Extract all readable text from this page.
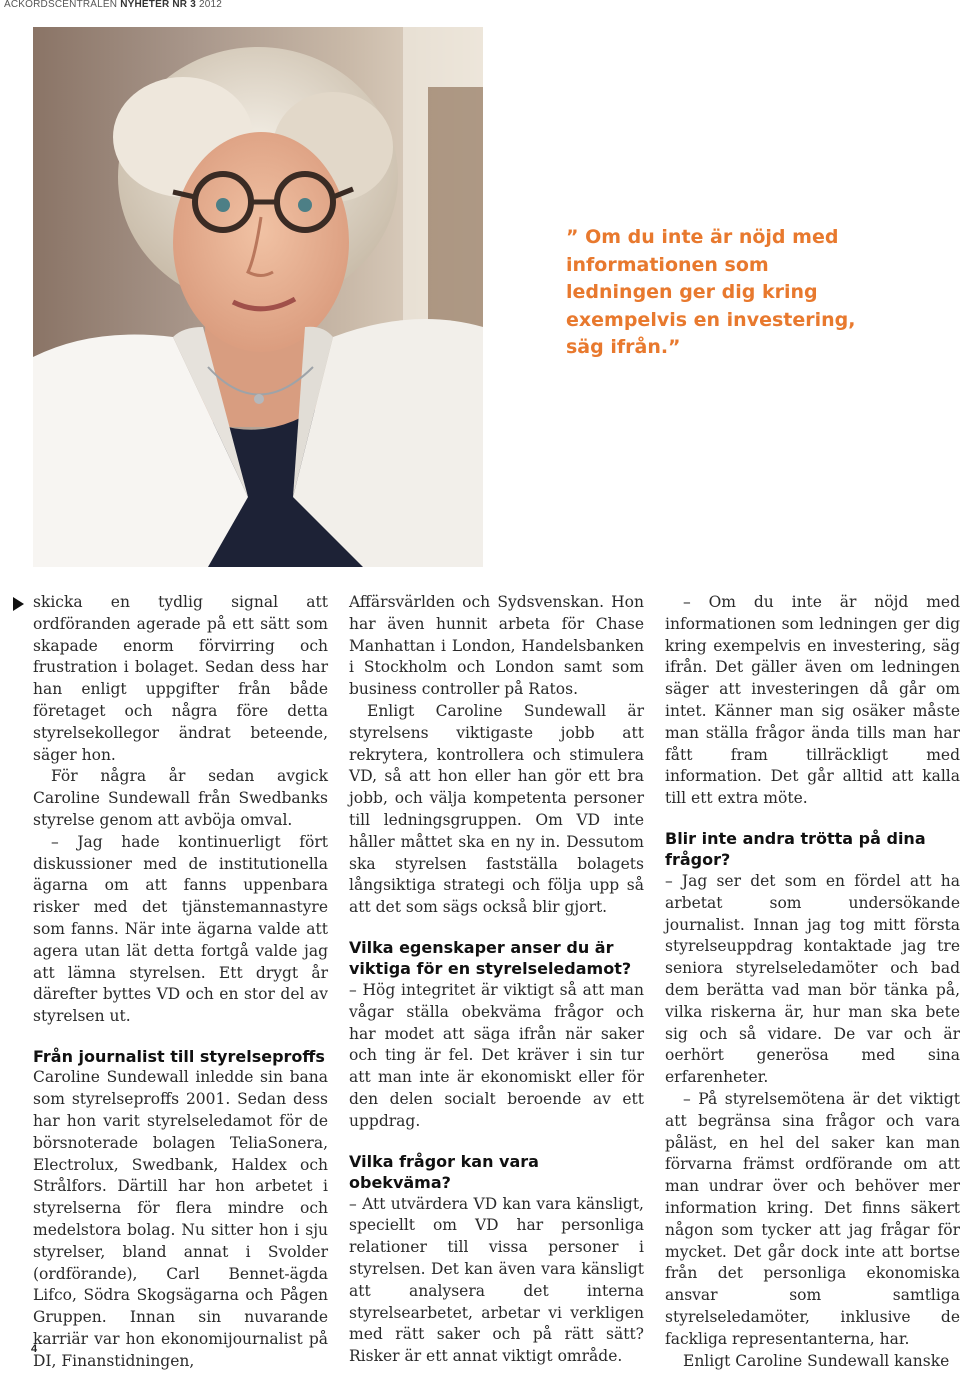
ACKORDSCENTRALEN NYHETER NR 3 2012
” Om du inte är nöjd med informationen som ledningen ger dig kring exempelvis en investering, säg ifrån.”

skicka en tydlig signal att ordföranden agerade på ett sätt som skapade enorm förvirring och frustration i bolaget. Sedan dess har han enligt uppgifter från både företaget och några före detta styrelsekollegor ändrat beteende, säger hon.

För några år sedan avgick Caroline Sundewall från Swedbanks styrelse genom att avböja omval.

– Jag hade kontinuerligt fört diskussioner med de institutionella ägarna om att fanns uppenbara risker med det tjänstemannastyre som fanns. När inte ägarna valde att agera utan lät detta fortgå valde jag att lämna styrelsen. Ett drygt år därefter byttes VD och en stor del av styrelsen ut.

Från journalist till styrelseproffs

Caroline Sundewall inledde sin bana som styrelseproffs 2001. Sedan dess har hon varit styrelseledamot för de börsnoterade bolagen TeliaSonera, Electrolux, Swedbank, Haldex och Strålfors. Därtill har hon arbetet i styrelserna för flera mindre och medelstora bolag. Nu sitter hon i sju styrelser, bland annat i Svolder (ordförande), Carl Bennet-ägda Lifco, Södra Skogsägarna och Pågen Gruppen. Innan sin nuvarande karriär var hon ekonomijournalist på DI, Finanstidningen,

Affärsvärlden och Sydsvenskan. Hon har även hunnit arbeta för Chase Manhattan i London, Handelsbanken i Stockholm och London samt som business controller på Ratos.

Enligt Caroline Sundewall är styrelsens viktigaste jobb att rekrytera, kontrollera och stimulera VD, så att hon eller han gör ett bra jobb, och välja kompetenta personer till ledningsgruppen. Om VD inte håller måttet ska en ny in. Dessutom ska styrelsen fastställa bolagets långsiktiga strategi och följa upp så att det som sägs också blir gjort.

Vilka egenskaper anser du är viktiga för en styrelseledamot?

– Hög integritet är viktigt så att man vågar ställa obekväma frågor och har modet att säga ifrån när saker och ting är fel. Det kräver i sin tur att man inte är ekonomiskt eller för den delen socialt beroende av ett uppdrag.

Vilka frågor kan vara obekväma?

– Att utvärdera VD kan vara känsligt, speciellt om VD har personliga relationer till vissa personer i styrelsen. Det kan även vara känsligt att analysera det interna styrelsearbetet, arbetar vi verkligen med rätt saker och på rätt sätt? Risker är ett annat viktigt område.

– Om du inte är nöjd med informationen som ledningen ger dig kring exempelvis en investering, säg ifrån. Det gäller även om ledningen säger att investeringen då går om intet. Känner man sig osäker måste man ställa frågor ända tills man har fått fram tillräckligt med information. Det går alltid att kalla till ett extra möte.

Blir inte andra trötta på dina frågor?

– Jag ser det som en fördel att ha arbetat som undersökande journalist. Innan jag tog mitt första styrelseuppdrag kontaktade jag tre seniora styrelseledamöter och bad dem berätta vad man bör tänka på, vilka riskerna är, hur man ska bete sig och så vidare. De var och är oerhört generösa med sina erfarenheter.

– På styrelsemötena är det viktigt att begränsa sina frågor och vara påläst, en hel del saker kan man förvarna främst ordförande om att man undrar över och behöver mer information kring. Det finns säkert någon som tycker att jag frågar för mycket. Det går dock inte att bortse från det personliga ekonomiska ansvar som samtliga styrelseledamöter, inklusive de fackliga representanterna, har.

Enligt Caroline Sundewall kanske

4
